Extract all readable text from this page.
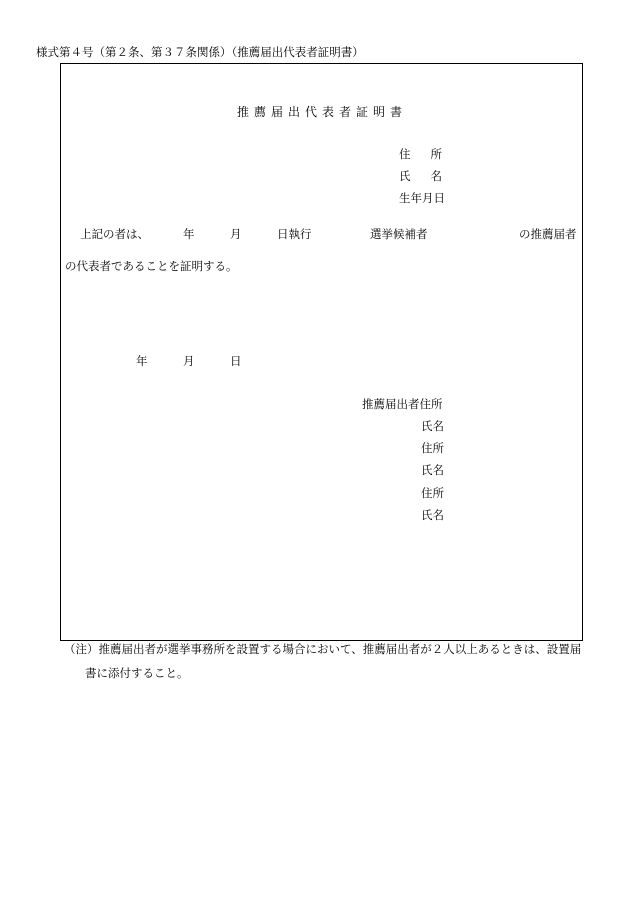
様式第４号（第２条、第３７条関係）（推薦届出代表者証明書）
推薦届出代表者証明書
住所
氏名
生年月日
上記の者は、	年	月	日執行	選挙候補者	の推薦届者
の代表者であることを証明する。
年	月	日
推薦届出者住所
氏名
住所
氏名
住所
氏名
（注）推薦届出者が選挙事務所を設置する場合において、推薦届出者が２人以上あるときは、設置届
書に添付すること。
